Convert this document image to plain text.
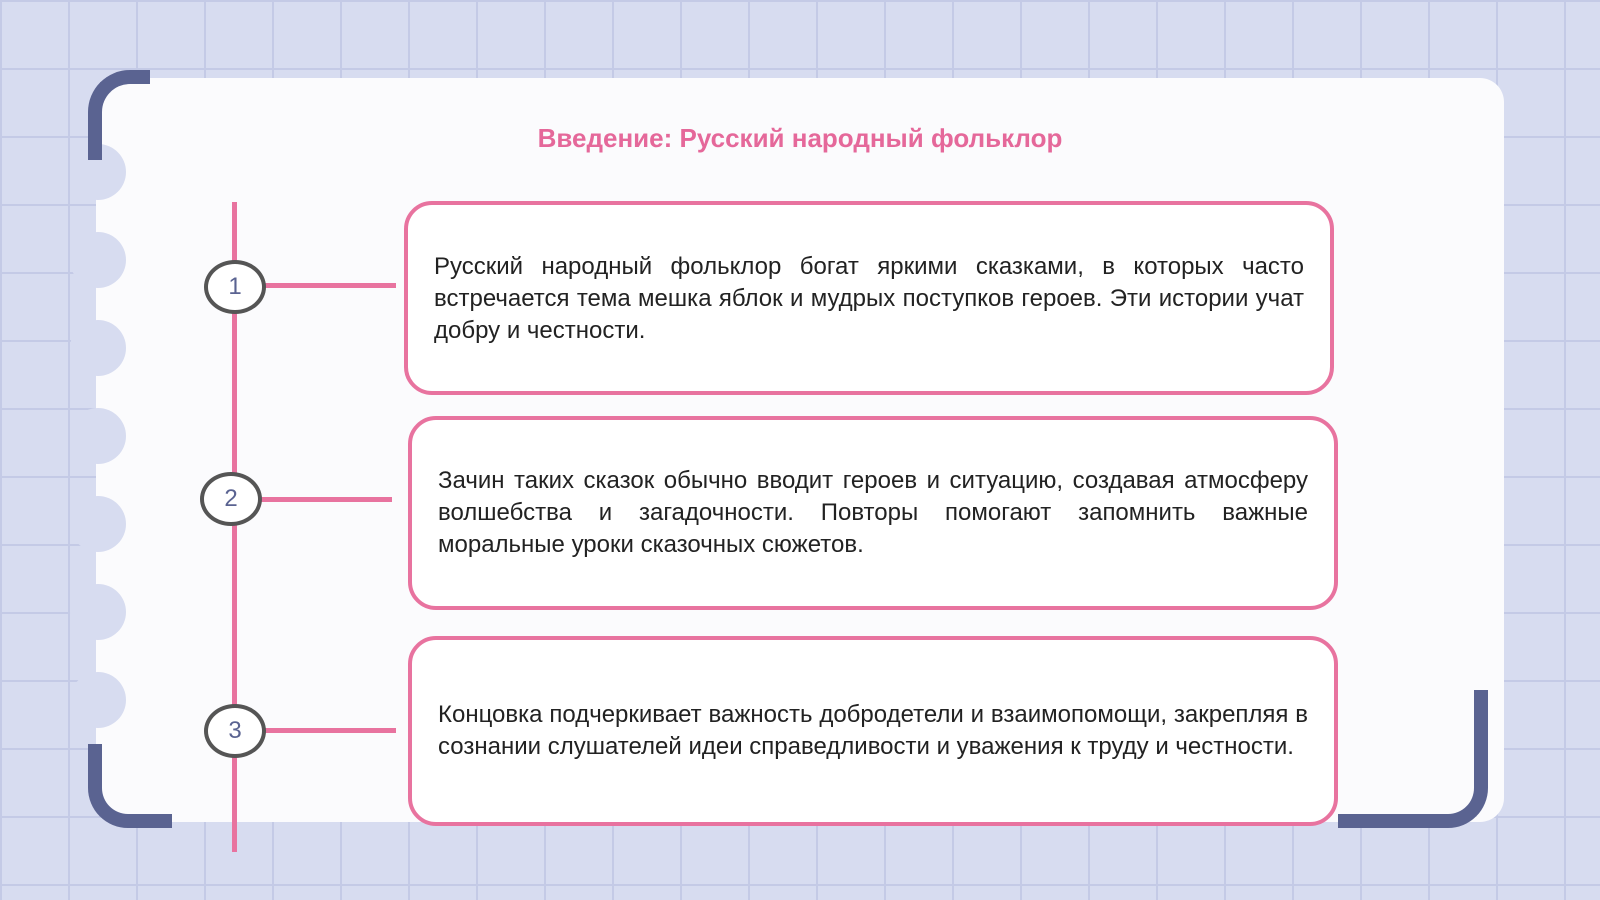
Введение: Русский народный фольклор
1
2
3

Русский народный фольклор богат яркими сказками, в которых часто встречается тема мешка яблок и мудрых поступков героев. Эти истории учат добру и честности.

Зачин таких сказок обычно вводит героев и ситуацию, создавая атмосферу волшебства и загадочности. Повторы помогают запомнить важные моральные уроки сказочных сюжетов.

Концовка подчеркивает важность добродетели и взаимопомощи, закрепляя в сознании слушателей идеи справедливости и уважения к труду и честности.
